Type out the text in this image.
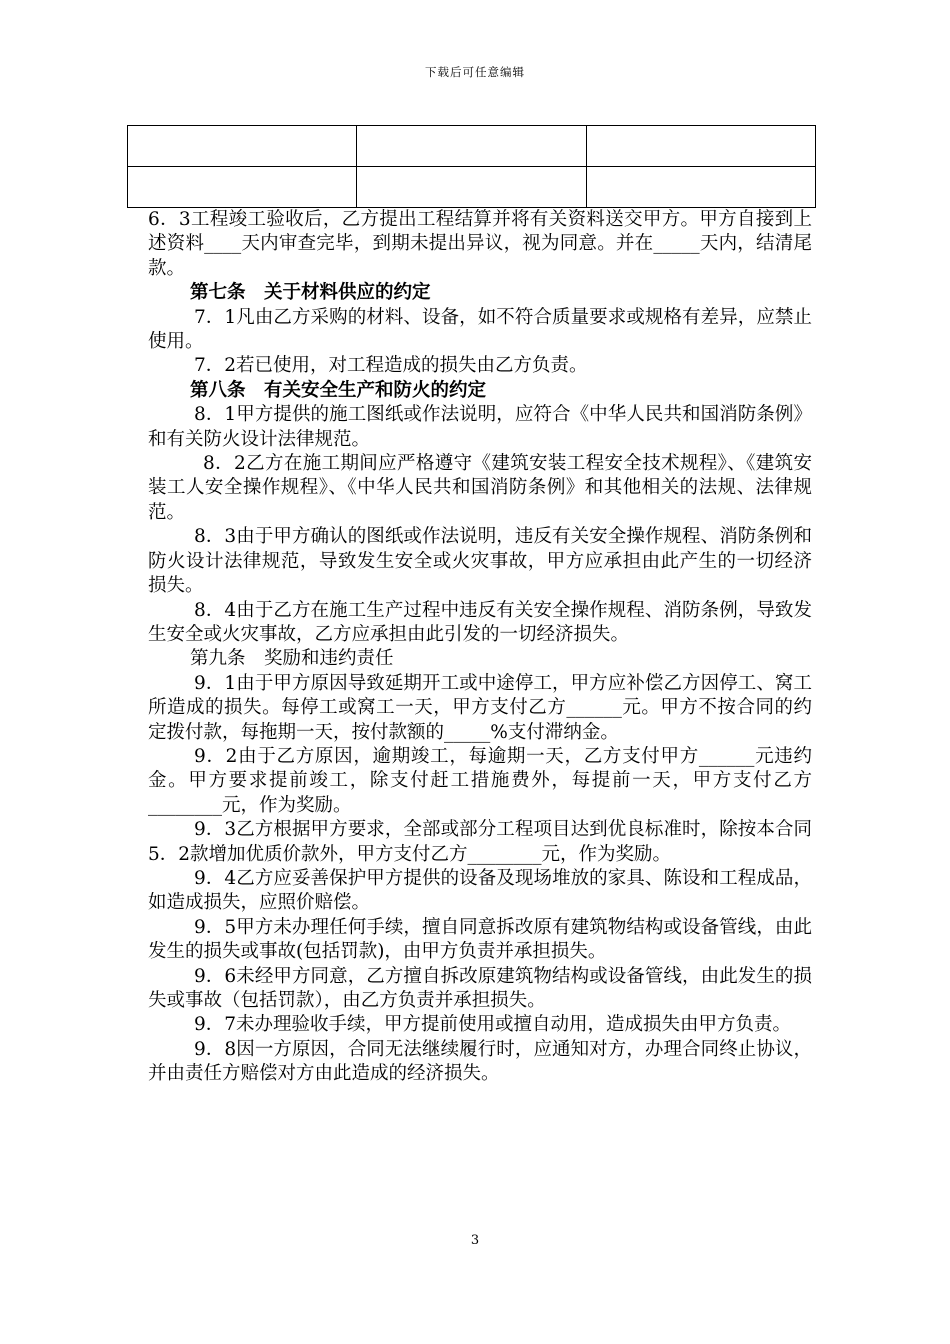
下载后可任意编辑

6．3工程竣工验收后，乙方提出工程结算并将有关资料送交甲方。甲方自接到上述资料____天内审查完毕，到期未提出异议，视为同意。并在_____天内，结清尾款。

第七条　关于材料供应的约定

7．1凡由乙方采购的材料、设备，如不符合质量要求或规格有差异，应禁止使用。

7．2若已使用，对工程造成的损失由乙方负责。

第八条　有关安全生产和防火的约定

8．1甲方提供的施工图纸或作法说明，应符合《中华人民共和国消防条例》和有关防火设计法律规范。

8．2乙方在施工期间应严格遵守《建筑安装工程安全技术规程》、《建筑安装工人安全操作规程》、《中华人民共和国消防条例》和其他相关的法规、法律规范。

8．3由于甲方确认的图纸或作法说明，违反有关安全操作规程、消防条例和防火设计法律规范，导致发生安全或火灾事故，甲方应承担由此产生的一切经济损失。

8．4由于乙方在施工生产过程中违反有关安全操作规程、消防条例，导致发生安全或火灾事故，乙方应承担由此引发的一切经济损失。

第九条　奖励和违约责任

9．1由于甲方原因导致延期开工或中途停工，甲方应补偿乙方因停工、窝工所造成的损失。每停工或窝工一天，甲方支付乙方______元。甲方不按合同的约定拨付款，每拖期一天，按付款额的_____%支付滞纳金。

9．2由于乙方原因，逾期竣工，每逾期一天，乙方支付甲方______元违约金。甲方要求提前竣工，除支付赶工措施费外，每提前一天，甲方支付乙方________元，作为奖励。

9．3乙方根据甲方要求，全部或部分工程项目达到优良标准时，除按本合同5．2款增加优质价款外，甲方支付乙方________元，作为奖励。

9．4乙方应妥善保护甲方提供的设备及现场堆放的家具、陈设和工程成品，如造成损失，应照价赔偿。

9．5甲方未办理任何手续，擅自同意拆改原有建筑物结构或设备管线，由此发生的损失或事故(包括罚款)，由甲方负责并承担损失。

9．6未经甲方同意，乙方擅自拆改原建筑物结构或设备管线，由此发生的损失或事故（包括罚款），由乙方负责并承担损失。

9．7未办理验收手续，甲方提前使用或擅自动用，造成损失由甲方负责。

9．8因一方原因，合同无法继续履行时，应通知对方，办理合同终止协议，并由责任方赔偿对方由此造成的经济损失。

3
